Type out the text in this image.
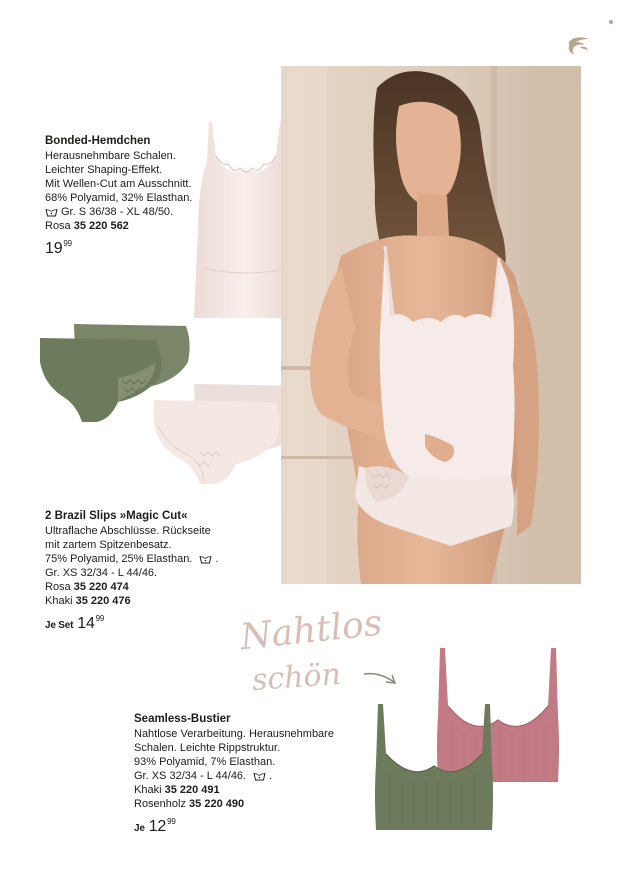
Bonded-Hemdchen
Herausnehmbare Schalen.
Leichter Shaping-Effekt.
Mit Wellen-Cut am Ausschnitt.
68% Polyamid, 32% Elasthan.
Gr. S 36/38 - XL 48/50.
Rosa 35 220 562
$19^{99}$
2 Brazil Slips »Magic Cut«
Ultraflache Abschlüsse. Rückseite
mit zartem Spitzenbesatz.
75% Polyamid, 25% Elasthan. .
Gr. XS 32/34 - L 44/46.
Rosa 35 220 474
Khaki 35 220 476
Je Set $14^{99}$	Nahtlos
schön
Seamless-Bustier
Nahtlose Verarbeitung. Herausnehmbare
Schalen. Leichte Rippstruktur.
93% Polyamid, 7% Elasthan.
Gr. XS 32/34 - L 44/46. .
Khaki 35 220 491
Rosenholz 35 220 490
Je $12^{99}$
